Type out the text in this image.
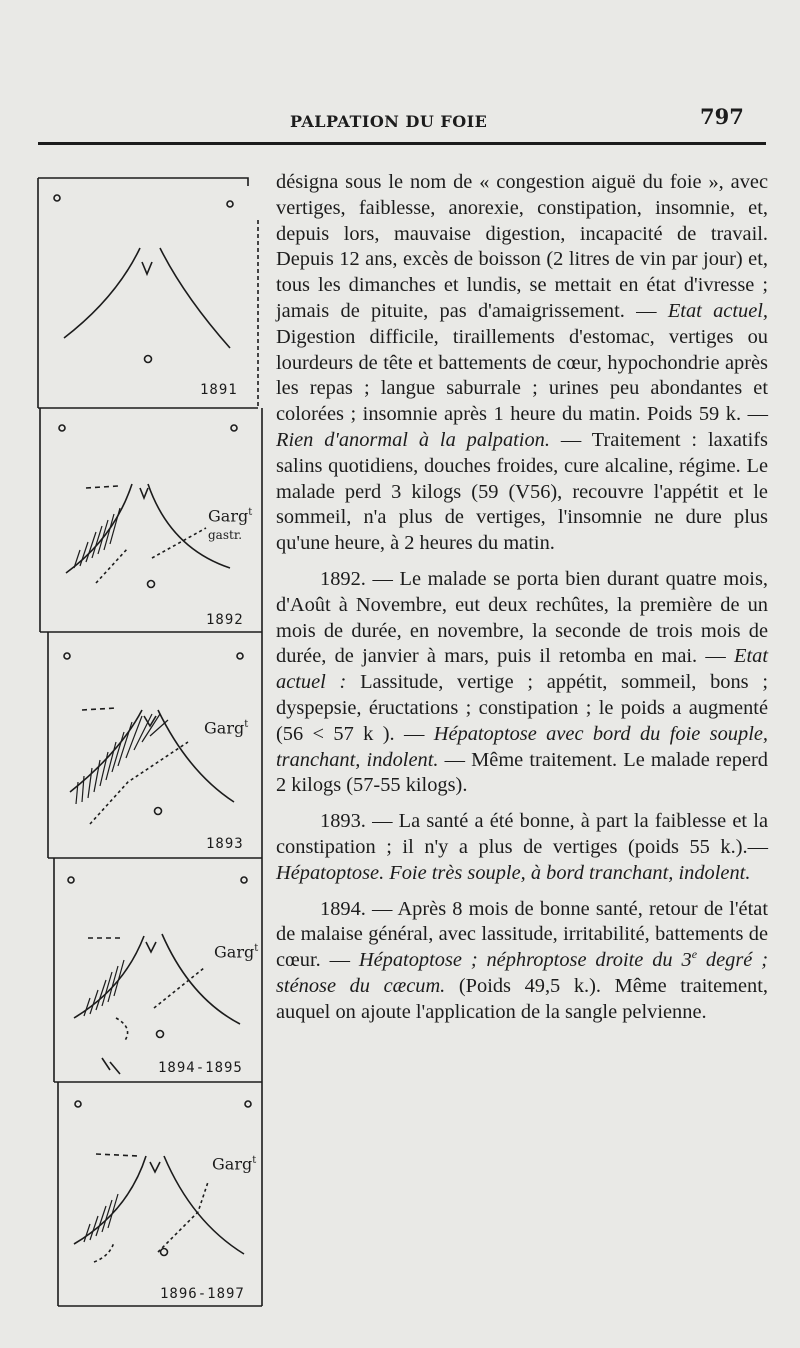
PALPATION DU FOIE	797
1891
Garg$^t$
gastr.
1892
Garg$^t$
1893
Garg$^t$
1894-1895
Garg$^t$
1896-1897

désigna sous le nom de « congestion aiguë du foie », avec vertiges, faiblesse, anorexie, constipation, insomnie, et, depuis lors, mauvaise digestion, incapacité de travail. Depuis 12 ans, excès de boisson (2 litres de vin par jour) et, tous les dimanches et lundis, se mettait en état d'ivresse ; jamais de pituite, pas d'amaigrissement. — Etat actuel, Digestion difficile, tiraillements d'estomac, vertiges ou lourdeurs de tête et battements de cœur, hypochondrie après les repas ; langue saburrale ; urines peu abondantes et colorées ; insomnie après 1 heure du matin. Poids 59 k. — Rien d'anormal à la palpation. — Traitement : laxatifs salins quotidiens, douches froides, cure alcaline, régime. Le malade perd 3 kilogs (59 (V56), recouvre l'appétit et le sommeil, n'a plus de vertiges, l'insomnie ne dure plus qu'une heure, à 2 heures du matin.

1892. — Le malade se porta bien durant quatre mois, d'Août à Novembre, eut deux rechûtes, la première de un mois de durée, en novembre, la seconde de trois mois de durée, de janvier à mars, puis il retomba en mai. — Etat actuel : Lassitude, vertige ; appétit, sommeil, bons ; dyspepsie, éructations ; constipation ; le poids a augmenté (56 < 57 k ). — Hépatoptose avec bord du foie souple, tranchant, indolent. — Même traitement. Le malade reperd 2 kilogs (57-55 kilogs).

1893. — La santé a été bonne, à part la faiblesse et la constipation ; il n'y a plus de vertiges (poids 55 k.).— Hépatoptose. Foie très souple, à bord tranchant, indolent.

1894. — Après 8 mois de bonne santé, retour de l'état de malaise général, avec lassitude, irritabilité, battements de cœur. — Hépatoptose ; néphroptose droite du 3e degré ; sténose du cæcum. (Poids 49,5 k.). Même traitement, auquel on ajoute l'application de la sangle pelvienne.
